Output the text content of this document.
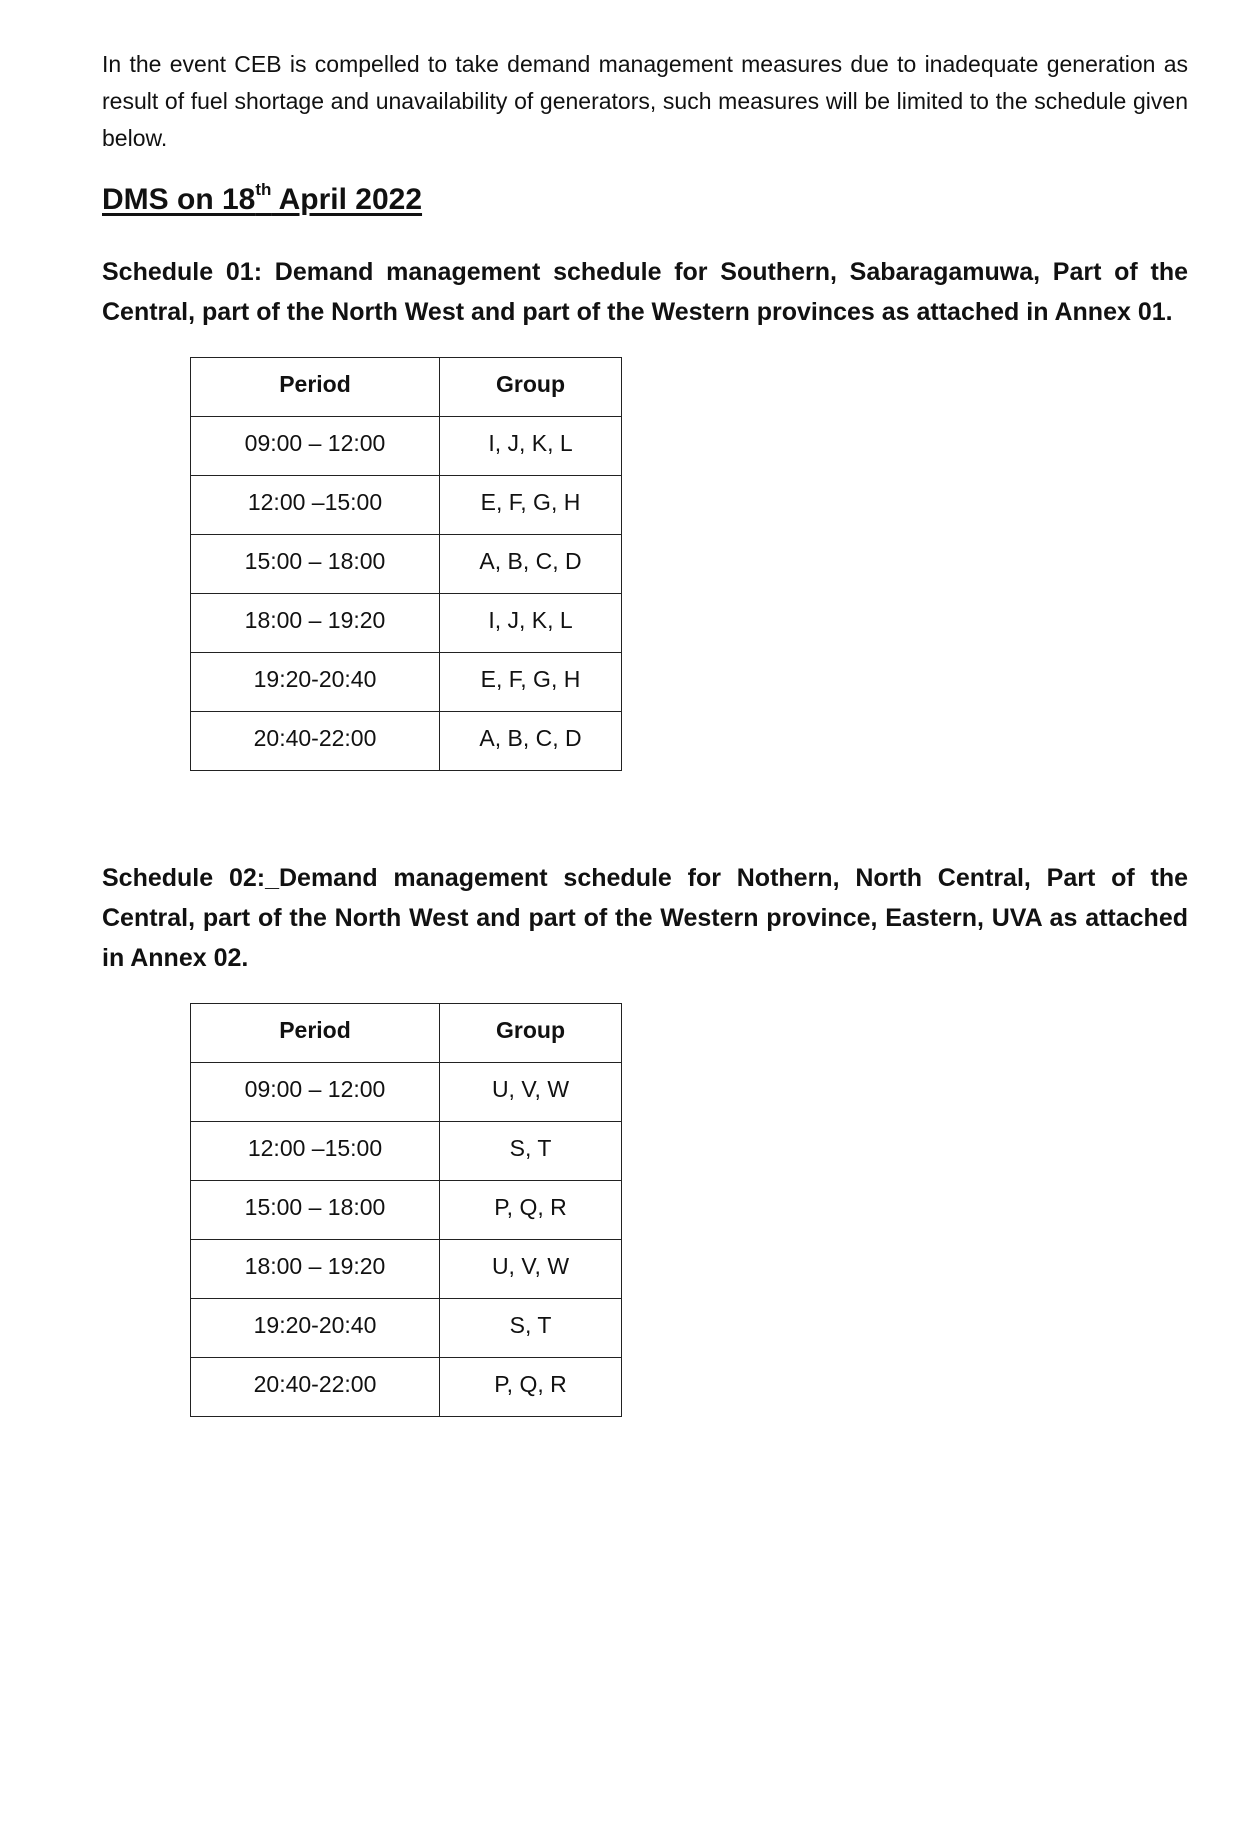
In the event CEB is compelled to take demand management measures due to inadequate generation as result of fuel shortage and unavailability of generators, such measures will be limited to the schedule given below.

DMS on 18th April 2022

Schedule 01: Demand management schedule for Southern, Sabaragamuwa, Part of the Central, part of the North West and part of the Western provinces as attached in Annex 01.

Period	Group
09:00 – 12:00	I, J, K, L
12:00 –15:00	E, F, G, H
15:00 – 18:00	A, B, C, D
18:00 – 19:20	I, J, K, L
19:20-20:40	E, F, G, H
20:40-22:00	A, B, C, D

Schedule 02:_Demand management schedule for Nothern, North Central, Part of the Central, part of the North West and part of the Western province, Eastern, UVA as attached in Annex 02.

Period	Group
09:00 – 12:00	U, V, W
12:00 –15:00	S, T
15:00 – 18:00	P, Q, R
18:00 – 19:20	U, V, W
19:20-20:40	S, T
20:40-22:00	P, Q, R
